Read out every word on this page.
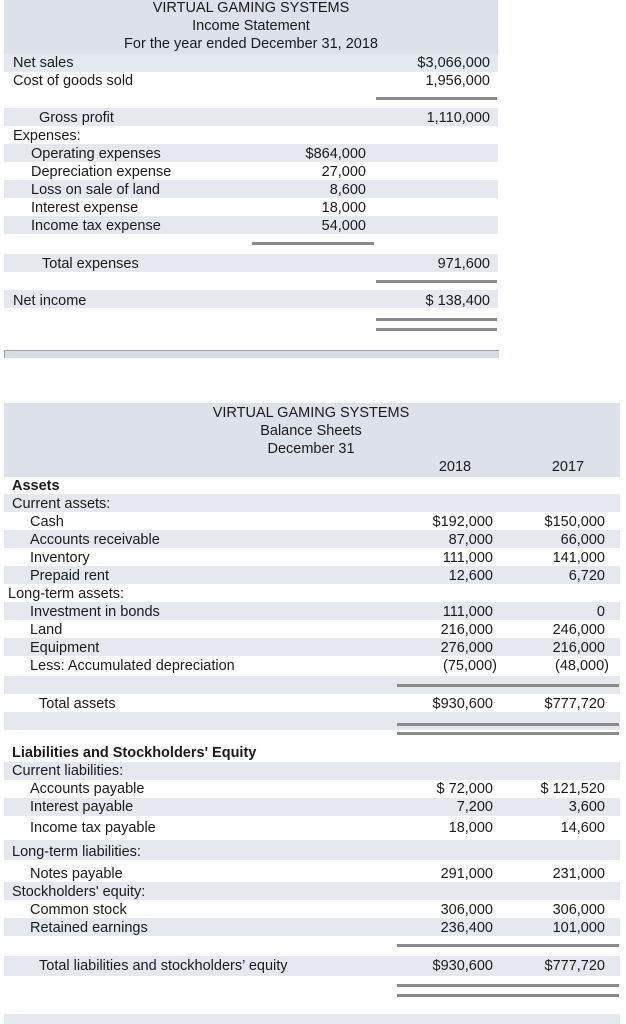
VIRTUAL GAMING SYSTEMS
Income Statement
For the year ended December 31, 2018
Net sales	$3,066,000
Cost of goods sold	1,956,000
Gross profit	1,110,000
Expenses:
Operating expenses	$864,000
Depreciation expense	27,000
Loss on sale of land	8,600
Interest expense	18,000
Income tax expense	54,000
Total expenses	971,600
Net income	$ 138,400
VIRTUAL GAMING SYSTEMS
Balance Sheets
December 31
2018	2017
Assets
Current assets:
Cash	$192,000	$150,000
Accounts receivable	87,000	66,000
Inventory	111,000	141,000
Prepaid rent	12,600	6,720
Long-term assets:
Investment in bonds	111,000	0
Land	216,000	246,000
Equipment	276,000	216,000
Less: Accumulated depreciation	(75,000)	(48,000)
Total assets	$930,600	$777,720
Liabilities and Stockholders' Equity
Current liabilities:
Accounts payable	$ 72,000	$ 121,520
Interest payable	7,200	3,600
Income tax payable	18,000	14,600
Long-term liabilities:
Notes payable	291,000	231,000
Stockholders' equity:
Common stock	306,000	306,000
Retained earnings	236,400	101,000
Total liabilities and stockholders’ equity	$930,600	$777,720
